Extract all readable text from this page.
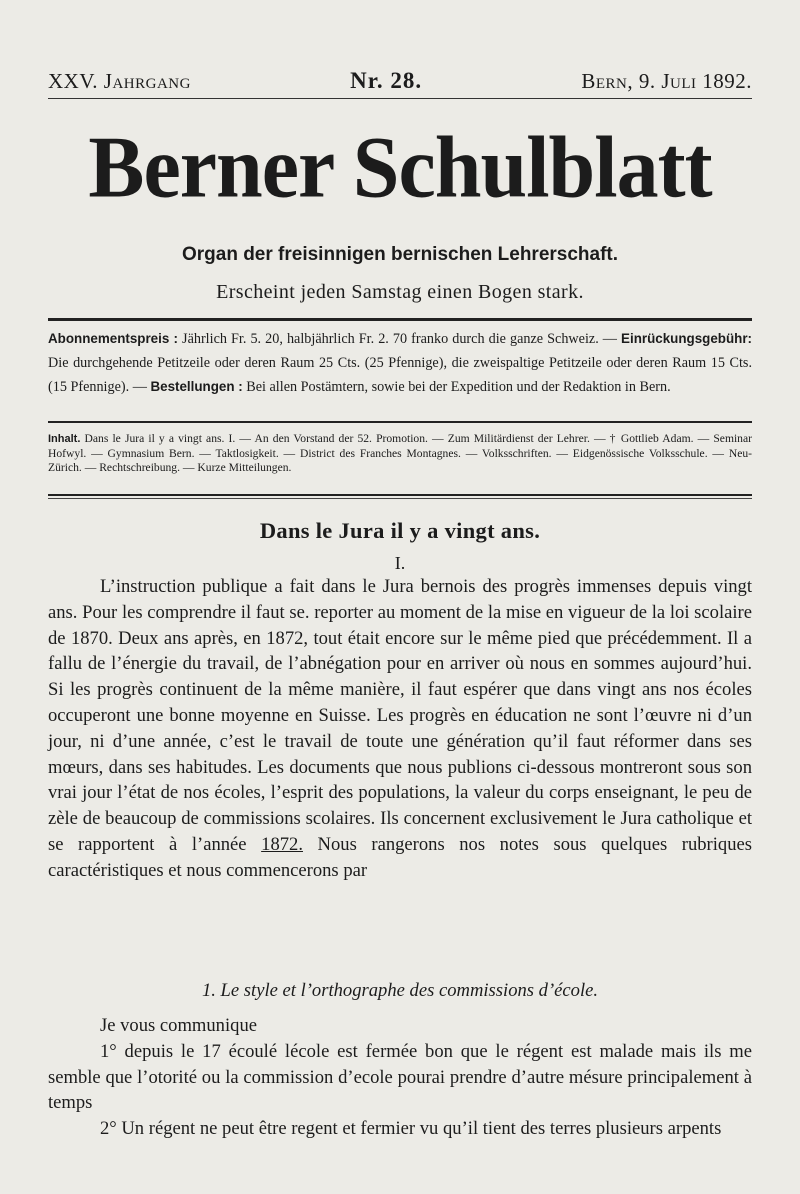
XXV. Jahrgang	Nr. 28.	Bern, 9. Juli 1892.
Berner Schulblatt
Organ der freisinnigen bernischen Lehrerschaft.
Erscheint jeden Samstag einen Bogen stark.
Abonnementspreis : Jährlich Fr. 5. 20, halbjährlich Fr. 2. 70 franko durch die ganze Schweiz. — Einrückungsgebühr: Die durchgehende Petitzeile oder deren Raum 25 Cts. (25 Pfennige), die zweispaltige Petitzeile oder deren Raum 15 Cts. (15 Pfennige). — Bestellungen : Bei allen Postämtern, sowie bei der Expedition und der Redaktion in Bern.
Inhalt. Dans le Jura il y a vingt ans. I. — An den Vorstand der 52. Promotion. — Zum Militärdienst der Lehrer. — † Gottlieb Adam. — Seminar Hofwyl. — Gymnasium Bern. — Taktlosigkeit. — District des Franches Montagnes. — Volksschriften. — Eidgenössische Volksschule. — Neu-Zürich. — Rechtschreibung. — Kurze Mitteilungen.
Dans le Jura il y a vingt ans.
I.

L’instruction publique a fait dans le Jura bernois des progrès immenses depuis vingt ans. Pour les comprendre il faut se. reporter au moment de la mise en vigueur de la loi scolaire de 1870. Deux ans après, en 1872, tout était encore sur le même pied que précédemment. Il a fallu de l’énergie du travail, de l’abnégation pour en arriver où nous en sommes aujourd’hui. Si les progrès continuent de la même manière, il faut espérer que dans vingt ans nos écoles occuperont une bonne moyenne en Suisse. Les progrès en éducation ne sont l’œuvre ni d’un jour, ni d’une année, c’est le travail de toute une génération qu’il faut réformer dans ses mœurs, dans ses habitudes. Les documents que nous publions ci-dessous montreront sous son vrai jour l’état de nos écoles, l’esprit des populations, la valeur du corps enseignant, le peu de zèle de beaucoup de commissions scolaires. Ils concernent exclusivement le Jura catholique et se rapportent à l’année 1872. Nous rangerons nos notes sous quelques rubriques caractéristiques et nous commencerons par

1. Le style et l’orthographe des commissions d’école.

Je vous communique

1° depuis le 17 écoulé lécole est fermée bon que le régent est malade mais ils me semble que l’otorité ou la commission d’ecole pourai prendre d’autre mésure principalement à temps

2° Un régent ne peut être regent et fermier vu qu’il tient des terres plusieurs arpents
